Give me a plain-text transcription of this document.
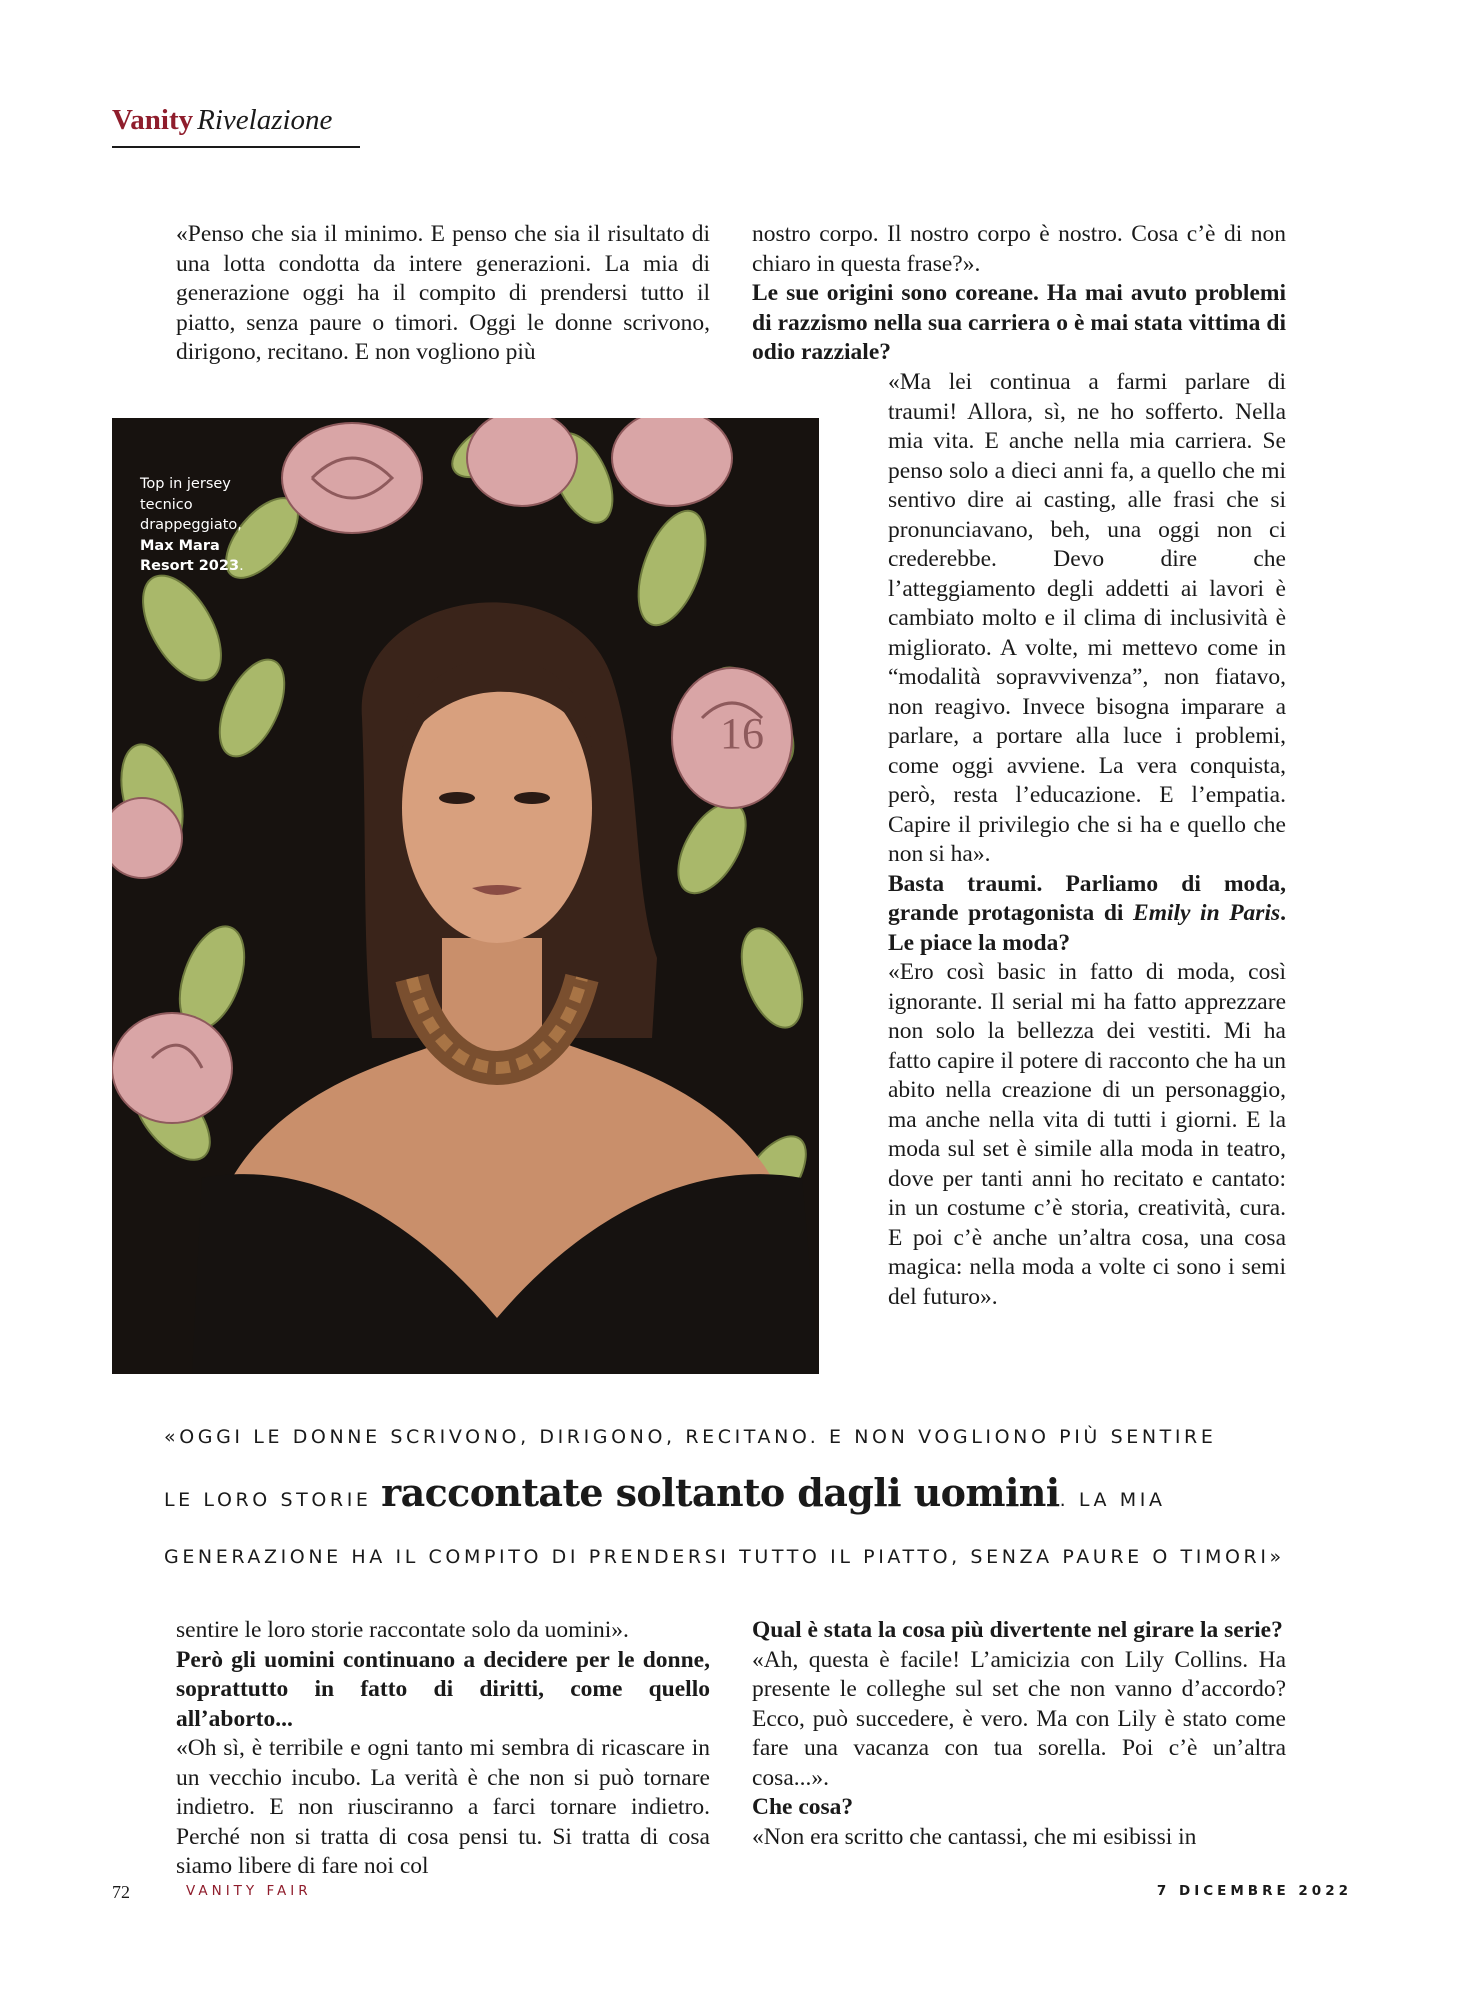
Vanity Rivelazione

«Penso che sia il minimo. E penso che sia il risultato di una lotta condotta da intere generazioni. La mia di generazione oggi ha il compito di prendersi tutto il piatto, senza paure o timori. Oggi le donne scrivono, dirigono, recitano. E non vogliono più

nostro corpo. Il nostro corpo è nostro. Cosa c’è di non chiaro in questa frase?».

Le sue origini sono coreane. Ha mai avuto problemi di razzismo nella sua carriera o è mai stata vittima di odio razziale?

16
Top in jersey
tecnico
drappeggiato,
Max Mara
Resort 2023.

«Ma lei continua a farmi parlare di traumi! Allora, sì, ne ho sofferto. Nella mia vita. E anche nella mia carriera. Se penso solo a dieci anni fa, a quello che mi sentivo dire ai casting, alle frasi che si pronunciavano, beh, una oggi non ci crederebbe. Devo dire che l’atteggiamento degli addetti ai lavori è cambiato molto e il clima di inclusività è migliorato. A volte, mi mettevo come in “modalità sopravvivenza”, non fiatavo, non reagivo. Invece bisogna imparare a parlare, a portare alla luce i problemi, come oggi avviene. La vera conquista, però, resta l’educazione. E l’empatia. Capire il privilegio che si ha e quello che non si ha».

Basta traumi. Parliamo di moda, grande protagonista di Emily in Paris. Le piace la moda?

«Ero così basic in fatto di moda, così ignorante. Il serial mi ha fatto apprezzare non solo la bellezza dei vestiti. Mi ha fatto capire il potere di racconto che ha un abito nella creazione di un personaggio, ma anche nella vita di tutti i giorni. E la moda sul set è simile alla moda in teatro, dove per tanti anni ho recitato e cantato: in un costume c’è storia, creatività, cura. E poi c’è anche un’altra cosa, una cosa magica: nella moda a volte ci sono i semi del futuro».

«OGGI LE DONNE SCRIVONO, DIRIGONO, RECITANO. E NON VOGLIONO PIÙ SENTIRE
LE LORO STORIE raccontate soltanto dagli uomini. LA MIA
GENERAZIONE HA IL COMPITO DI PRENDERSI TUTTO IL PIATTO, SENZA PAURE O TIMORI»

sentire le loro storie raccontate solo da uomini».

Però gli uomini continuano a decidere per le donne, soprattutto in fatto di diritti, come quello all’aborto...

«Oh sì, è terribile e ogni tanto mi sembra di ricascare in un vecchio incubo. La verità è che non si può tornare indietro. E non riusciranno a farci tornare indietro. Perché non si tratta di cosa pensi tu. Si tratta di cosa siamo libere di fare noi col

Qual è stata la cosa più divertente nel girare la serie?

«Ah, questa è facile! L’amicizia con Lily Collins. Ha presente le colleghe sul set che non vanno d’accordo? Ecco, può succedere, è vero. Ma con Lily è stato come fare una vacanza con tua sorella. Poi c’è un’altra cosa...».

Che cosa?

«Non era scritto che cantassi, che mi esibissi in

72	VANITY FAIR	7 DICEMBRE 2022
